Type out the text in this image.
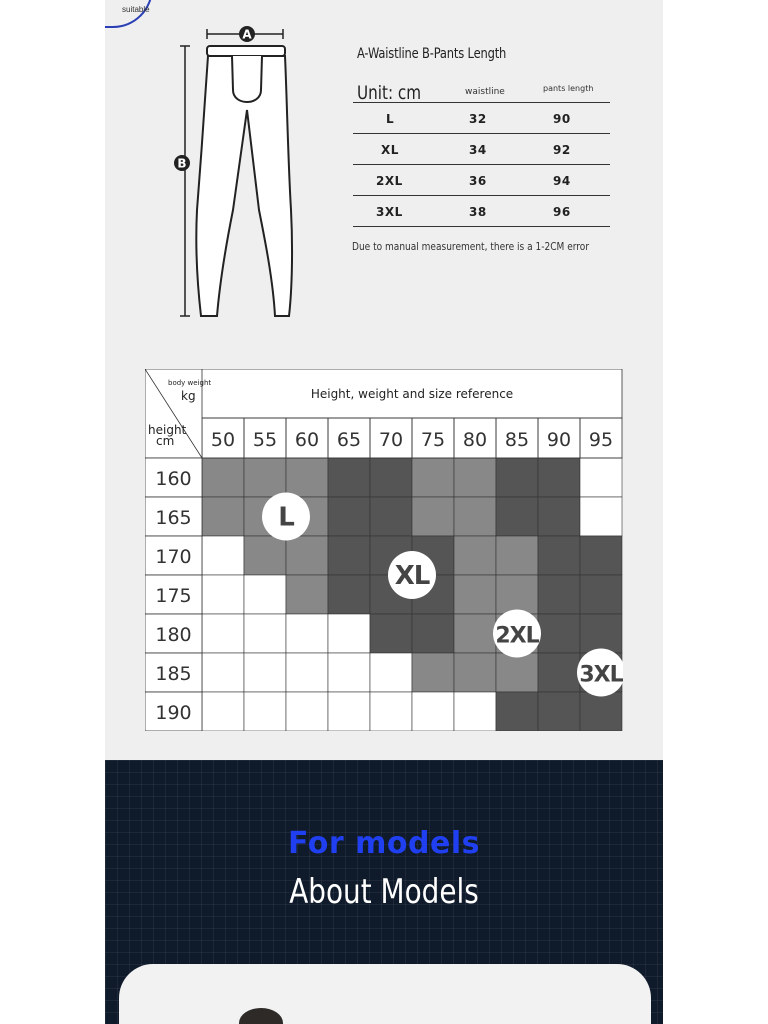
suitable
A
B
A-Waistline B-Pants Length
Unit: cm	waistline	pants length
L	32	90
XL	34	92
2XL	36	94
3XL	38	96
Due to manual measurement, there is a 1-2CM error
50 55 60 65 70 75 80 85 90 95
body weight
kg
height
cm
Height, weight and size reference
160
165
170
175
180
185
190
L
XL
2XL
3XL
For models
About Models
